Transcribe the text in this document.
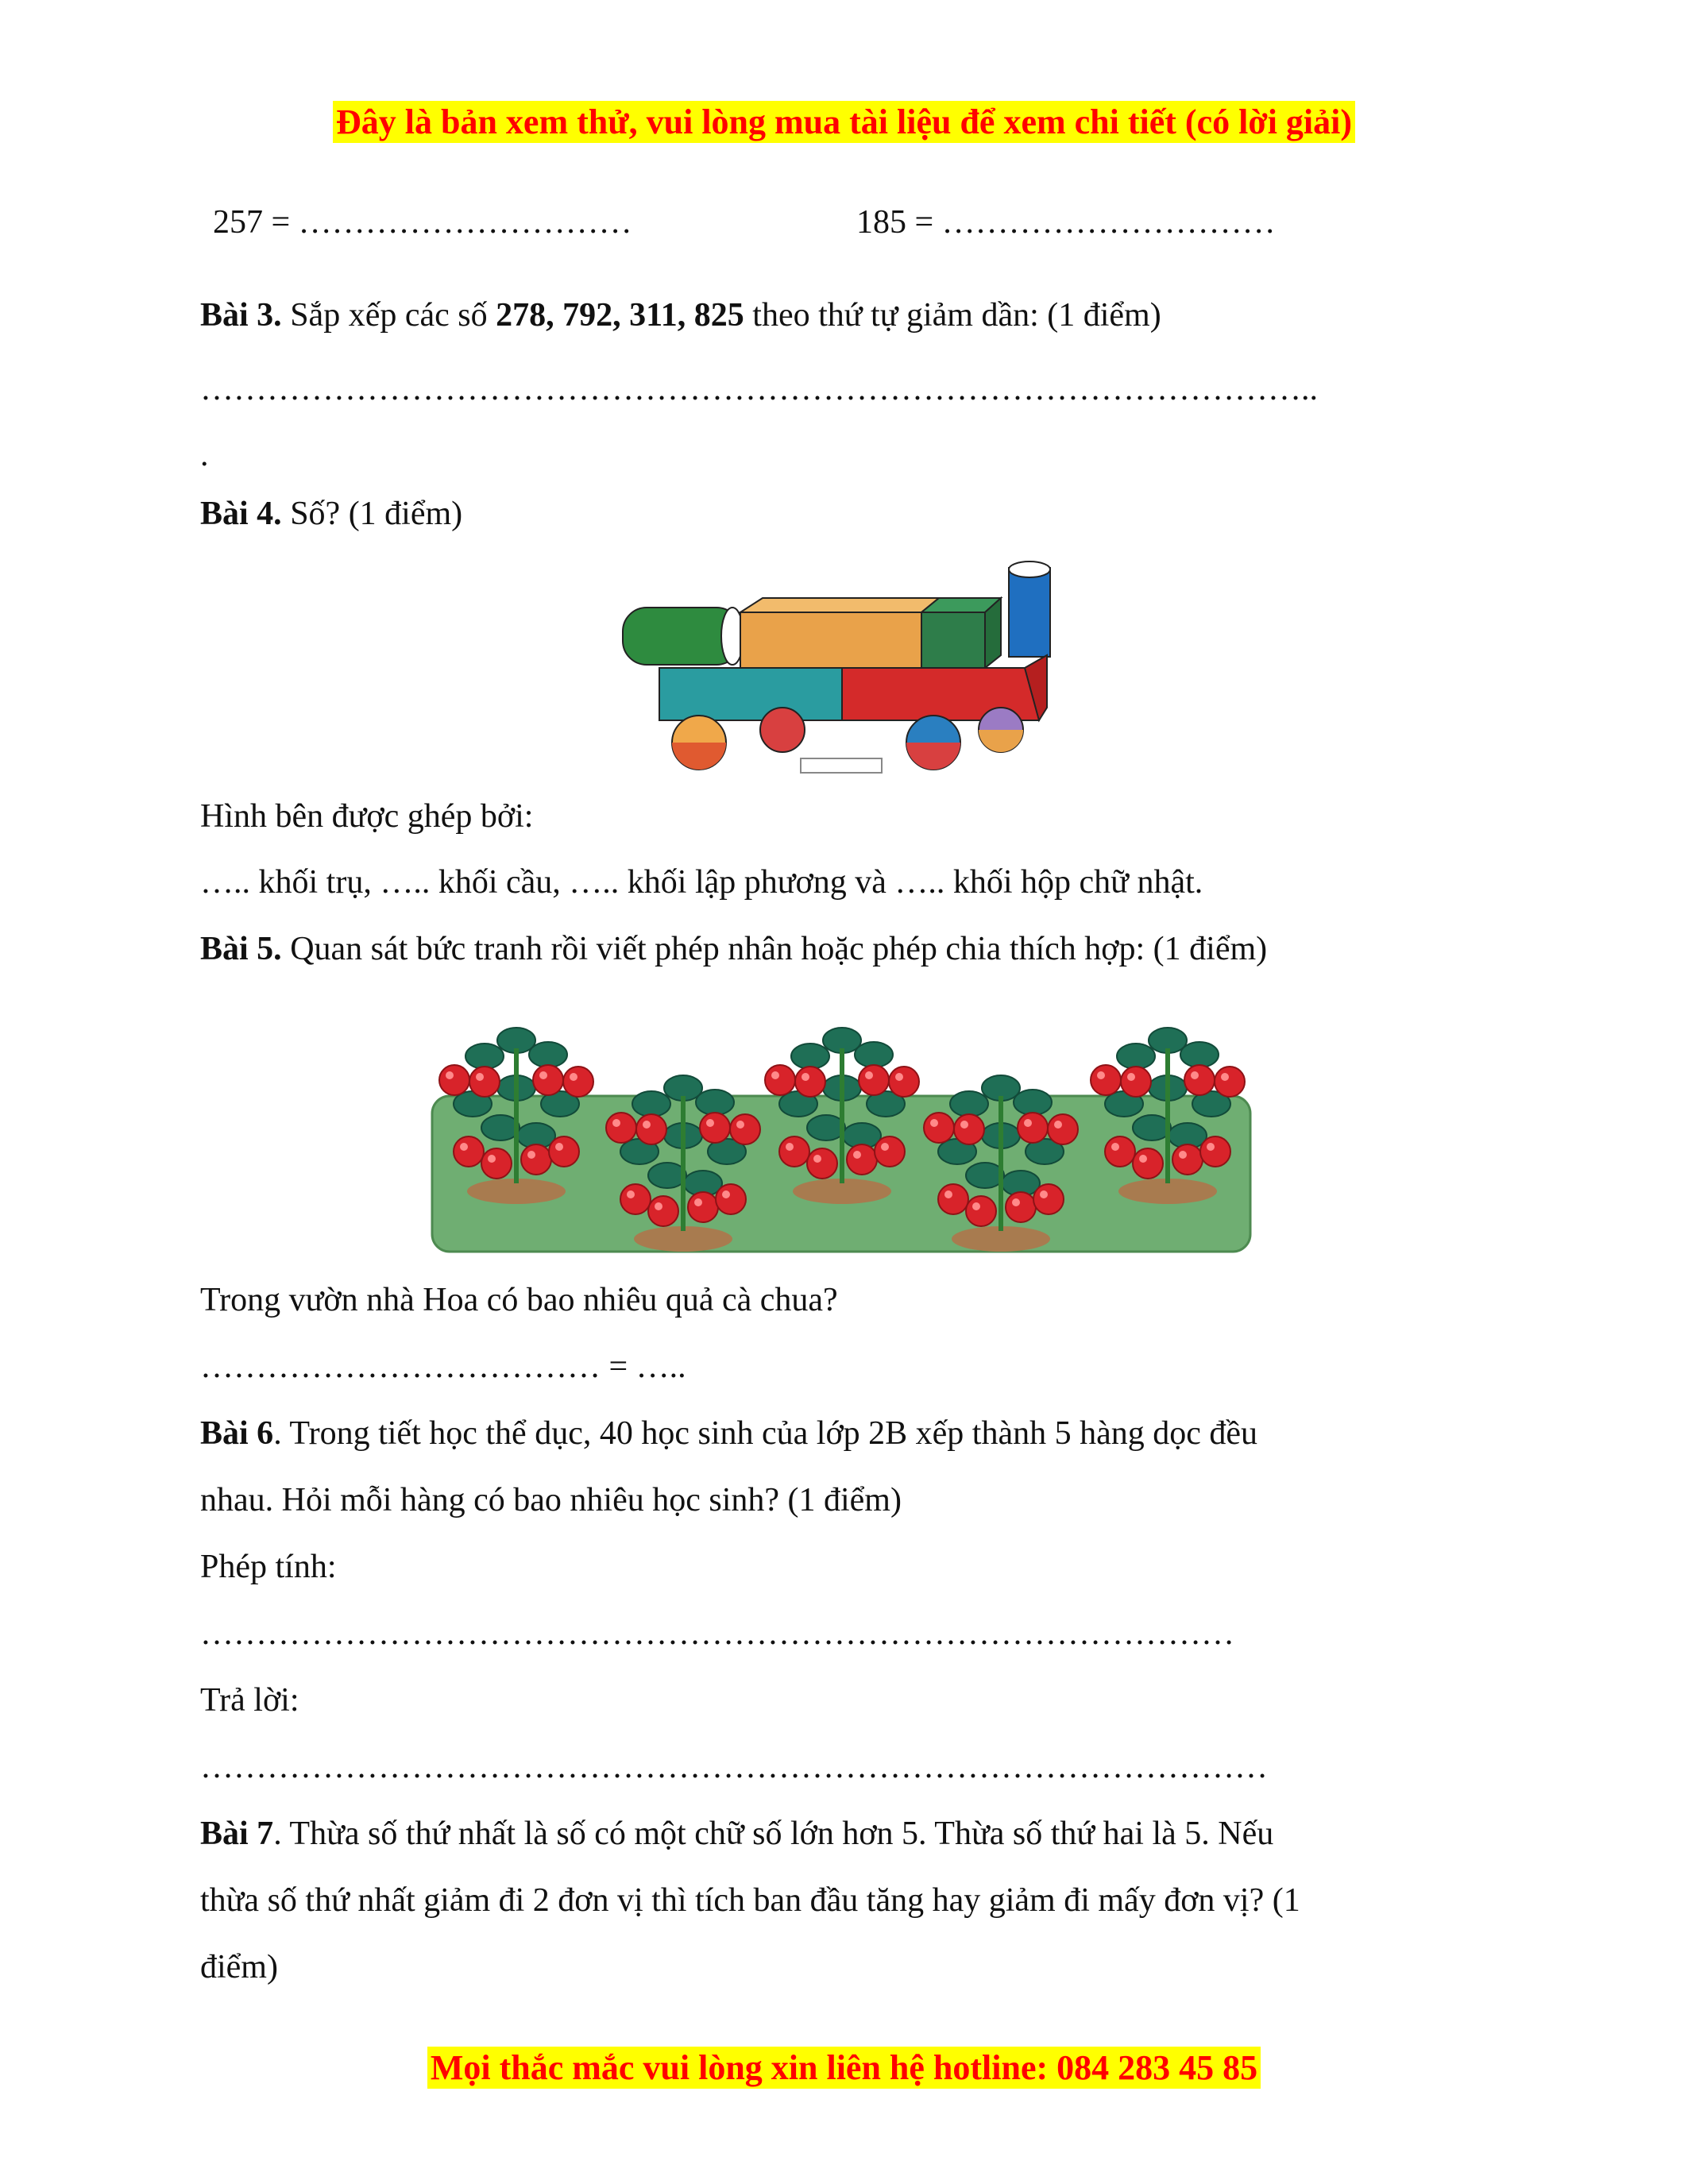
Đây là bản xem thử, vui lòng mua tài liệu để xem chi tiết (có lời giải)
257 = …………………………	185 = …………………………
Bài 3. Sắp xếp các số 278, 792, 311, 825 theo thứ tự giảm dần: (1 điểm)
………………………………………………………………………………………..
.
Bài 4. Số? (1 điểm)
Hình bên được ghép bởi:
….. khối trụ, ….. khối cầu, ….. khối lập phương và ….. khối hộp chữ nhật.
Bài 5. Quan sát bức tranh rồi viết phép nhân hoặc phép chia thích hợp: (1 điểm)
Trong vườn nhà Hoa có bao nhiêu quả cà chua?
……………………………… = …..
Bài 6. Trong tiết học thể dục, 40 học sinh của lớp 2B xếp thành 5 hàng dọc đều
nhau. Hỏi mỗi hàng có bao nhiêu học sinh? (1 điểm)
Phép tính:
…………………………………………………………………………………
Trả lời:
……………………………………………………………………………………
Bài 7. Thừa số thứ nhất là số có một chữ số lớn hơn 5. Thừa số thứ hai là 5. Nếu
thừa số thứ nhất giảm đi 2 đơn vị thì tích ban đầu tăng hay giảm đi mấy đơn vị? (1
điểm)
Mọi thắc mắc vui lòng xin liên hệ hotline: 084 283 45 85
